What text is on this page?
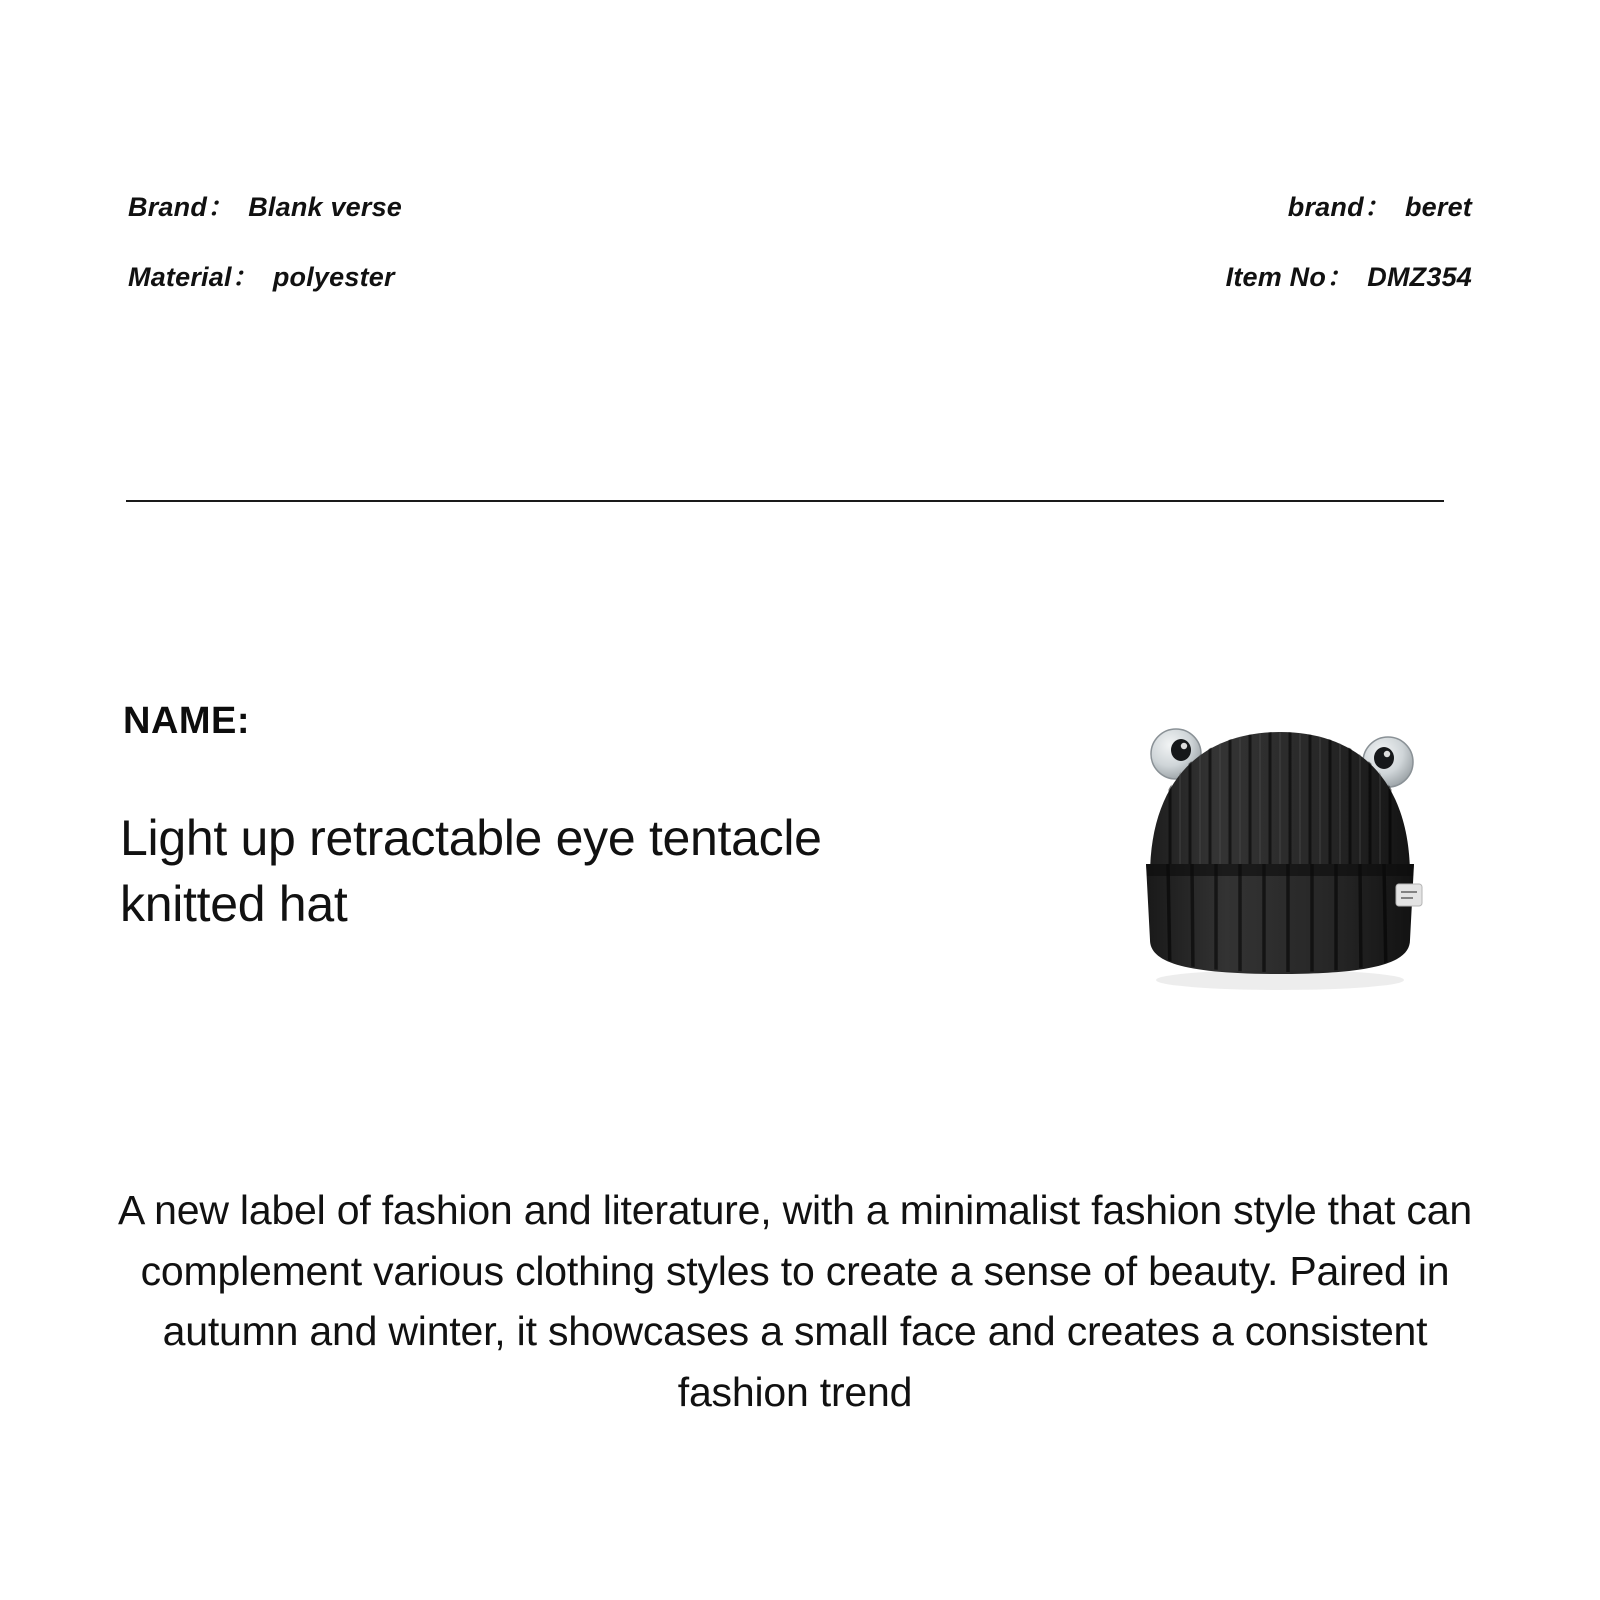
Brand： Blank verse	brand： beret
Material： polyester	Item No： DMZ354
NAME:
Light up retractable eye tentacle knitted hat
A new label of fashion and literature, with a minimalist fashion style that can complement various clothing styles to create a sense of beauty. Paired in autumn and winter, it showcases a small face and creates a consistent fashion trend
